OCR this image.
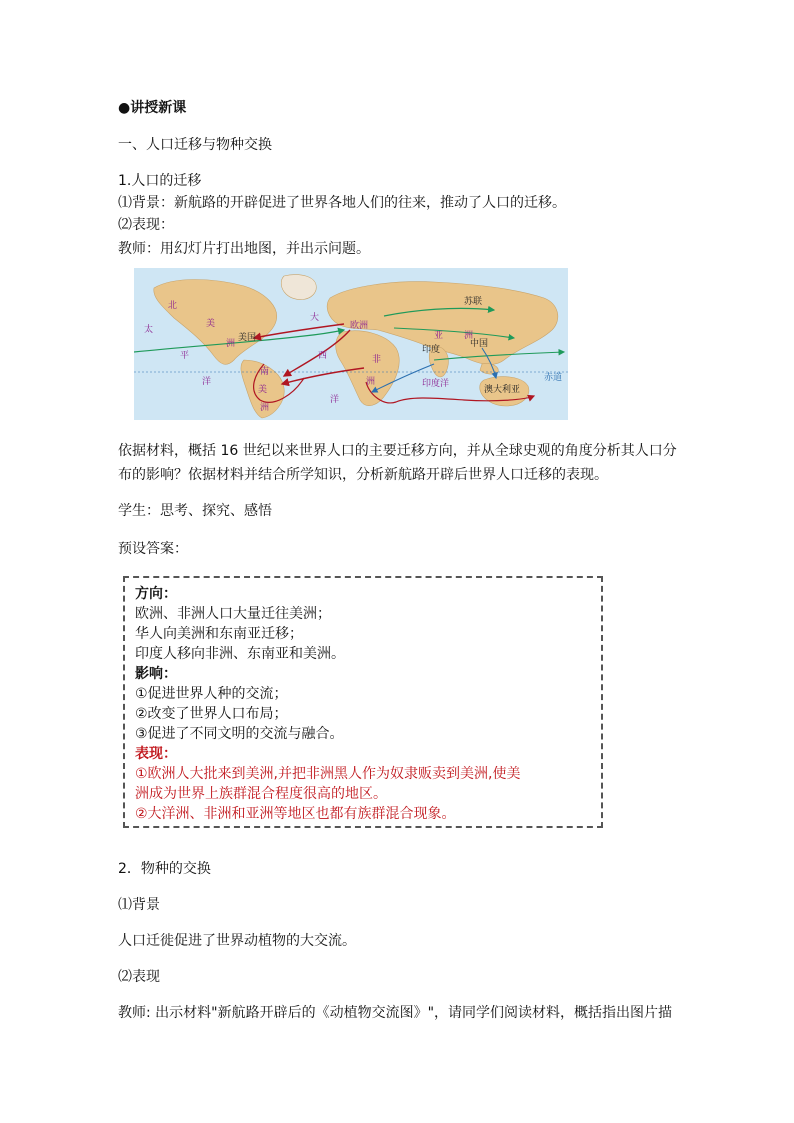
●讲授新课
一、人口迁移与物种交换
1.人口的迁移
⑴背景：新航路的开辟促进了世界各地人们的往来，推动了人口的迁移。
⑵表现：
教师：用幻灯片打出地图，并出示问题。
北
太
美
洲
平
洋
美国
大
西
洋
欧洲
非
洲
亚 洲
苏联
中国
印度
印度洋
澳大利亚
赤道
南
美
洲
依据材料，概括 16 世纪以来世界人口的主要迁移方向，并从全球史观的角度分析其人口分
布的影响？依据材料并结合所学知识，分析新航路开辟后世界人口迁移的表现。
学生：思考、探究、感悟
预设答案：
方向：
欧洲、非洲人口大量迁往美洲；
华人向美洲和东南亚迁移；
印度人移向非洲、东南亚和美洲。
影响：
①促进世界人种的交流；
②改变了世界人口布局；
③促进了不同文明的交流与融合。
表现：
①欧洲人大批来到美洲,并把非洲黑人作为奴隶贩卖到美洲,使美
洲成为世界上族群混合程度很高的地区。
②大洋洲、非洲和亚洲等地区也都有族群混合现象。
2．物种的交换
⑴背景
人口迁徙促进了世界动植物的大交流。
⑵表现
教师: 出示材料"新航路开辟后的《动植物交流图》"，请同学们阅读材料，概括指出图片描
